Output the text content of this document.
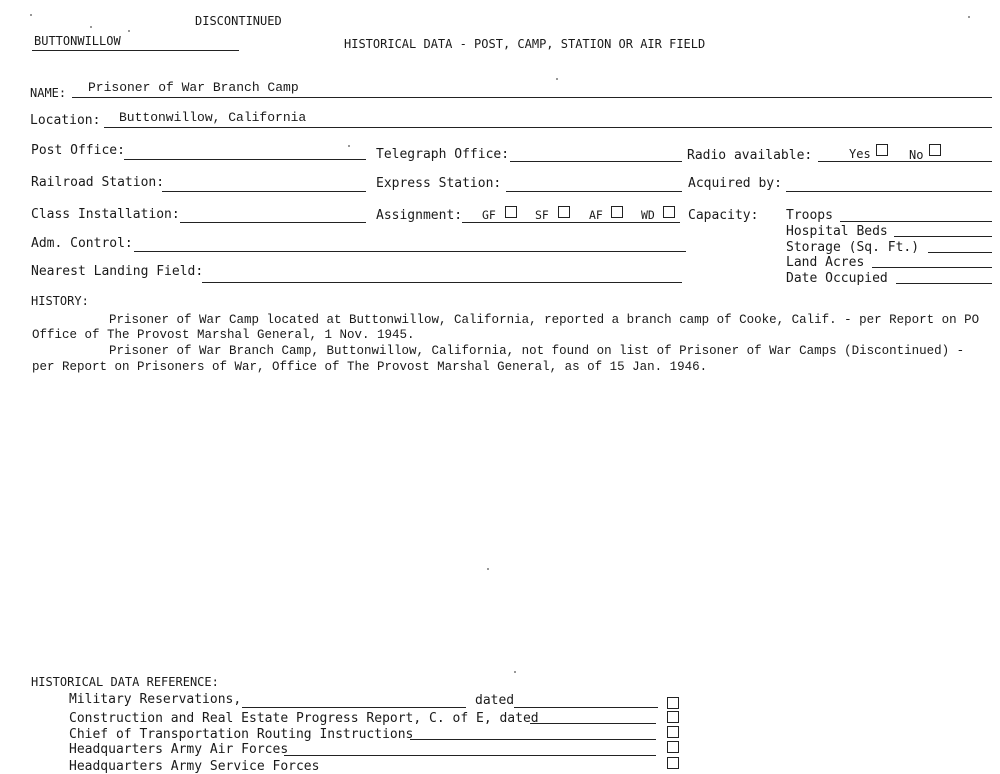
DISCONTINUED
BUTTONWILLOW	HISTORICAL DATA - POST, CAMP, STATION OR AIR FIELD
NAME: Prisoner of War Branch Camp
Location: Buttonwillow, California
Post Office:	Telegraph Office:	Radio available:	Yes	No
Railroad Station:	Express Station:	Acquired by:
Class Installation:	Assignment: GF	SF	AF	WD	Capacity: Troops
Hospital Beds
Storage (Sq. Ft.)
Land Acres
Date Occupied
Adm. Control:
Nearest Landing Field:
HISTORY:
Prisoner of War Camp located at Buttonwillow, California, reported a branch camp of Cooke, Calif. - per Report on PO
Office of The Provost Marshal General, 1 Nov. 1945.
Prisoner of War Branch Camp, Buttonwillow, California, not found on list of Prisoner of War Camps (Discontinued) -
per Report on Prisoners of War, Office of The Provost Marshal General, as of 15 Jan. 1946.
HISTORICAL DATA REFERENCE:
Military Reservations,	dated
Construction and Real Estate Progress Report, C. of E, dated
Chief of Transportation Routing Instructions
Headquarters Army Air Forces
Headquarters Army Service Forces
